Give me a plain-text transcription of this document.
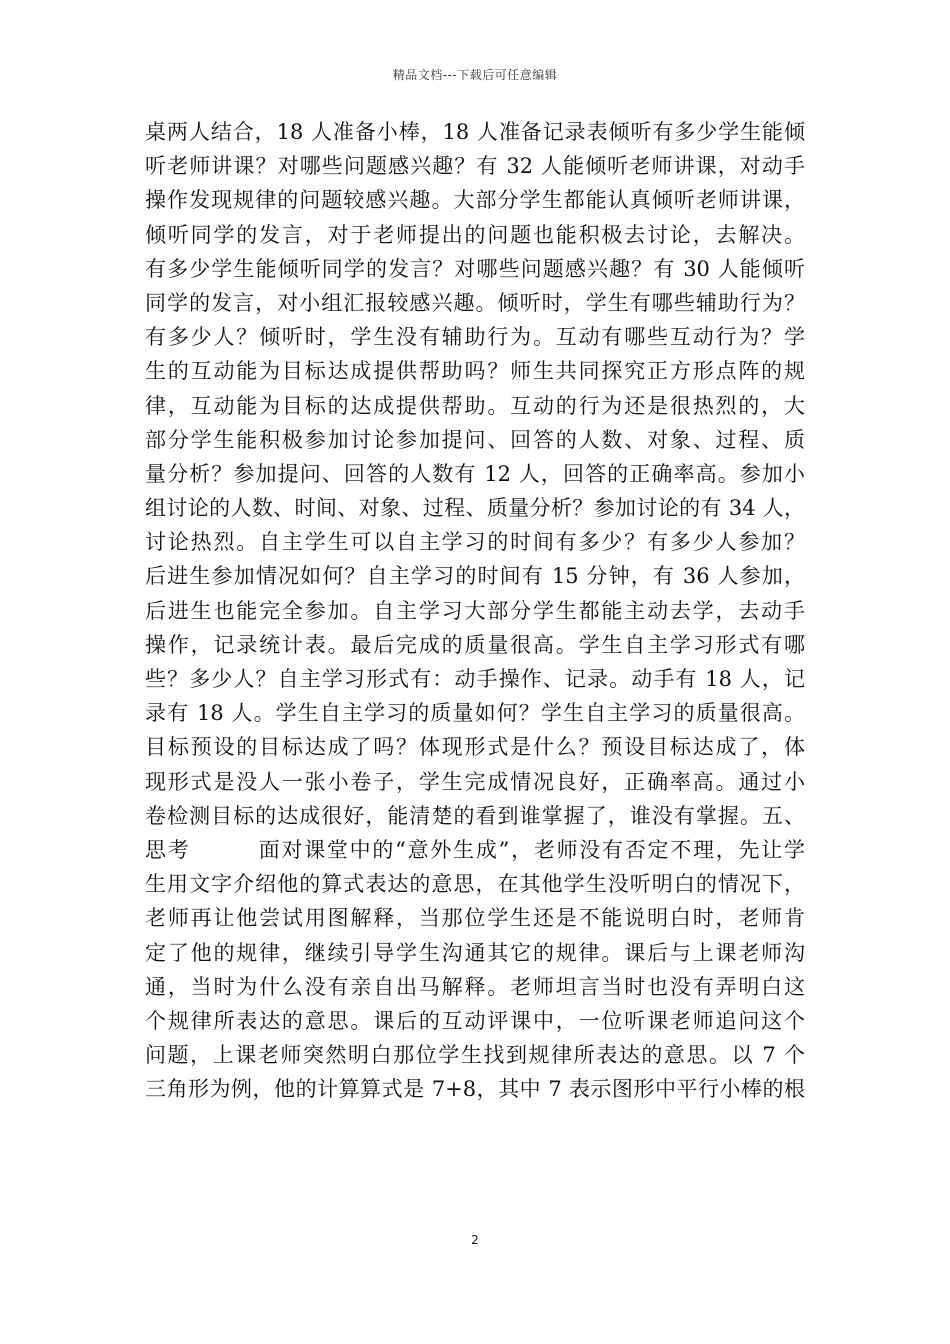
精品文档---下载后可任意编辑
桌两人结合，18 人准备小棒，18 人准备记录表倾听有多少学生能倾
听老师讲课？对哪些问题感兴趣？有 32 人能倾听老师讲课，对动手
操作发现规律的问题较感兴趣。大部分学生都能认真倾听老师讲课，
倾听同学的发言，对于老师提出的问题也能积极去讨论，去解决。
有多少学生能倾听同学的发言？对哪些问题感兴趣？有 30 人能倾听
同学的发言，对小组汇报较感兴趣。倾听时，学生有哪些辅助行为？
有多少人？倾听时，学生没有辅助行为。互动有哪些互动行为？学
生的互动能为目标达成提供帮助吗？师生共同探究正方形点阵的规
律，互动能为目标的达成提供帮助。互动的行为还是很热烈的，大
部分学生能积极参加讨论参加提问、回答的人数、对象、过程、质
量分析？参加提问、回答的人数有 12 人，回答的正确率高。参加小
组讨论的人数、时间、对象、过程、质量分析？参加讨论的有 34 人，
讨论热烈。自主学生可以自主学习的时间有多少？有多少人参加？
后进生参加情况如何？自主学习的时间有 15 分钟，有 36 人参加，
后进生也能完全参加。自主学习大部分学生都能主动去学，去动手
操作，记录统计表。最后完成的质量很高。学生自主学习形式有哪
些？多少人？自主学习形式有：动手操作、记录。动手有 18 人，记
录有 18 人。学生自主学习的质量如何？学生自主学习的质量很高。
目标预设的目标达成了吗？体现形式是什么？预设目标达成了，体
现形式是没人一张小卷子，学生完成情况良好，正确率高。通过小
卷检测目标的达成很好，能清楚的看到谁掌握了，谁没有掌握。五、
思考　　　面对课堂中的“意外生成”，老师没有否定不理，先让学
生用文字介绍他的算式表达的意思，在其他学生没听明白的情况下，
老师再让他尝试用图解释，当那位学生还是不能说明白时，老师肯
定了他的规律，继续引导学生沟通其它的规律。课后与上课老师沟
通，当时为什么没有亲自出马解释。老师坦言当时也没有弄明白这
个规律所表达的意思。课后的互动评课中，一位听课老师追问这个
问题，上课老师突然明白那位学生找到规律所表达的意思。以 7 个
三角形为例，他的计算算式是 7+8，其中 7 表示图形中平行小棒的根
2
